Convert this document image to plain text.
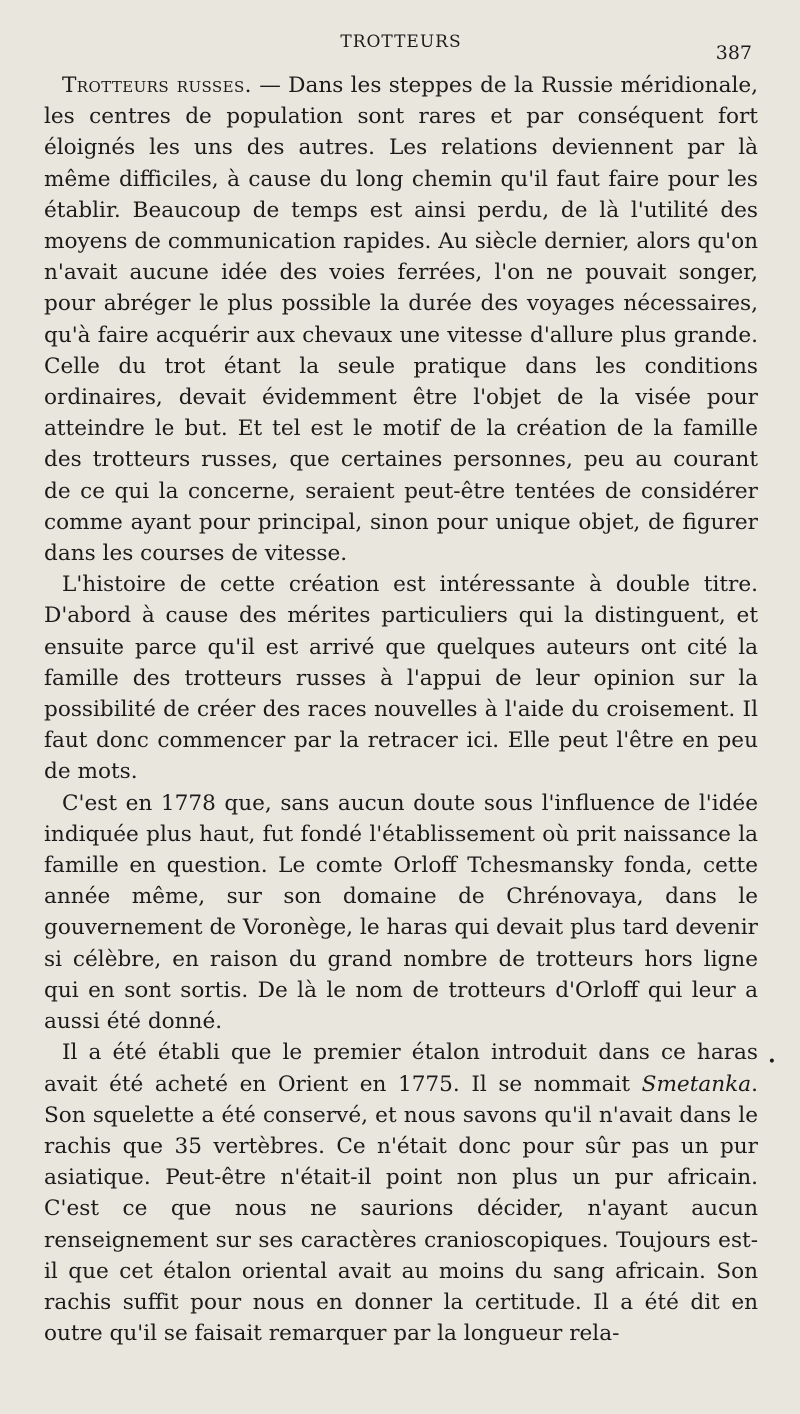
TROTTEURS	387

Trotteurs russes. — Dans les steppes de la Russie méridionale, les centres de population sont rares et par conséquent fort éloignés les uns des autres. Les relations deviennent par là même difficiles, à cause du long chemin qu'il faut faire pour les établir. Beaucoup de temps est ainsi perdu, de là l'utilité des moyens de communication rapides. Au siècle dernier, alors qu'on n'avait aucune idée des voies ferrées, l'on ne pouvait songer, pour abréger le plus possible la durée des voyages nécessaires, qu'à faire acquérir aux chevaux une vitesse d'allure plus grande. Celle du trot étant la seule pratique dans les conditions ordinaires, devait évidemment être l'objet de la visée pour atteindre le but. Et tel est le motif de la création de la famille des trotteurs russes, que certaines personnes, peu au courant de ce qui la concerne, seraient peut-être tentées de considérer comme ayant pour principal, sinon pour unique objet, de figurer dans les courses de vitesse.

L'histoire de cette création est intéressante à double titre. D'abord à cause des mérites particuliers qui la distinguent, et ensuite parce qu'il est arrivé que quelques auteurs ont cité la famille des trotteurs russes à l'appui de leur opinion sur la possibilité de créer des races nouvelles à l'aide du croisement. Il faut donc commencer par la retracer ici. Elle peut l'être en peu de mots.

C'est en 1778 que, sans aucun doute sous l'influence de l'idée indiquée plus haut, fut fondé l'établissement où prit naissance la famille en question. Le comte Orloff Tchesmansky fonda, cette année même, sur son domaine de Chrénovaya, dans le gouvernement de Voronège, le haras qui devait plus tard devenir si célèbre, en raison du grand nombre de trotteurs hors ligne qui en sont sortis. De là le nom de trotteurs d'Orloff qui leur a aussi été donné.

Il a été établi que le premier étalon introduit dans ce haras avait été acheté en Orient en 1775. Il se nommait Smetanka. Son squelette a été conservé, et nous savons qu'il n'avait dans le rachis que 35 vertèbres. Ce n'était donc pour sûr pas un pur asiatique. Peut-être n'était-il point non plus un pur africain. C'est ce que nous ne saurions décider, n'ayant aucun renseignement sur ses caractères cranioscopiques. Toujours est-il que cet étalon oriental avait au moins du sang africain. Son rachis suffit pour nous en donner la certitude. Il a été dit en outre qu'il se faisait remarquer par la longueur rela-

•
